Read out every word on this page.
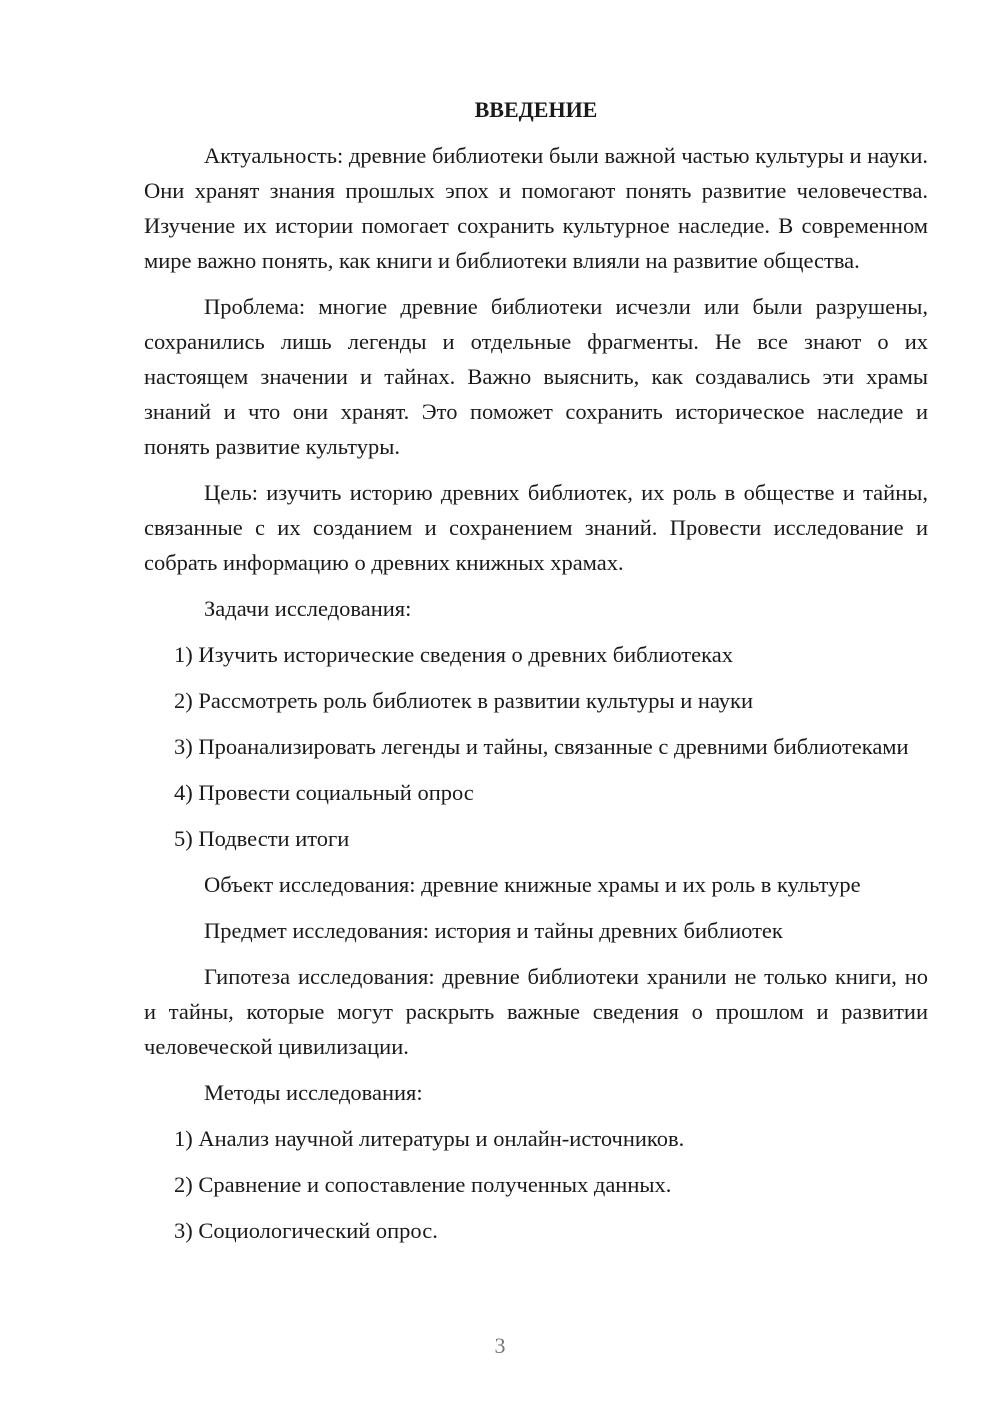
ВВЕДЕНИЕ

Актуальность: древние библиотеки были важной частью культуры и науки. Они хранят знания прошлых эпох и помогают понять развитие человечества. Изучение их истории помогает сохранить культурное наследие. В современном мире важно понять, как книги и библиотеки влияли на развитие общества.

Проблема: многие древние библиотеки исчезли или были разрушены, сохранились лишь легенды и отдельные фрагменты. Не все знают о их настоящем значении и тайнах. Важно выяснить, как создавались эти храмы знаний и что они хранят. Это поможет сохранить историческое наследие и понять развитие культуры.

Цель: изучить историю древних библиотек, их роль в обществе и тайны, связанные с их созданием и сохранением знаний. Провести исследование и собрать информацию о древних книжных храмах.

Задачи исследования:

1) Изучить исторические сведения о древних библиотеках

2) Рассмотреть роль библиотек в развитии культуры и науки

3) Проанализировать легенды и тайны, связанные с древними библиотеками

4) Провести социальный опрос

5) Подвести итоги

Объект исследования: древние книжные храмы и их роль в культуре

Предмет исследования: история и тайны древних библиотек

Гипотеза исследования: древние библиотеки хранили не только книги, но и тайны, которые могут раскрыть важные сведения о прошлом и развитии человеческой цивилизации.

Методы исследования:

1) Анализ научной литературы и онлайн-источников.

2) Сравнение и сопоставление полученных данных.

3) Социологический опрос.

3
